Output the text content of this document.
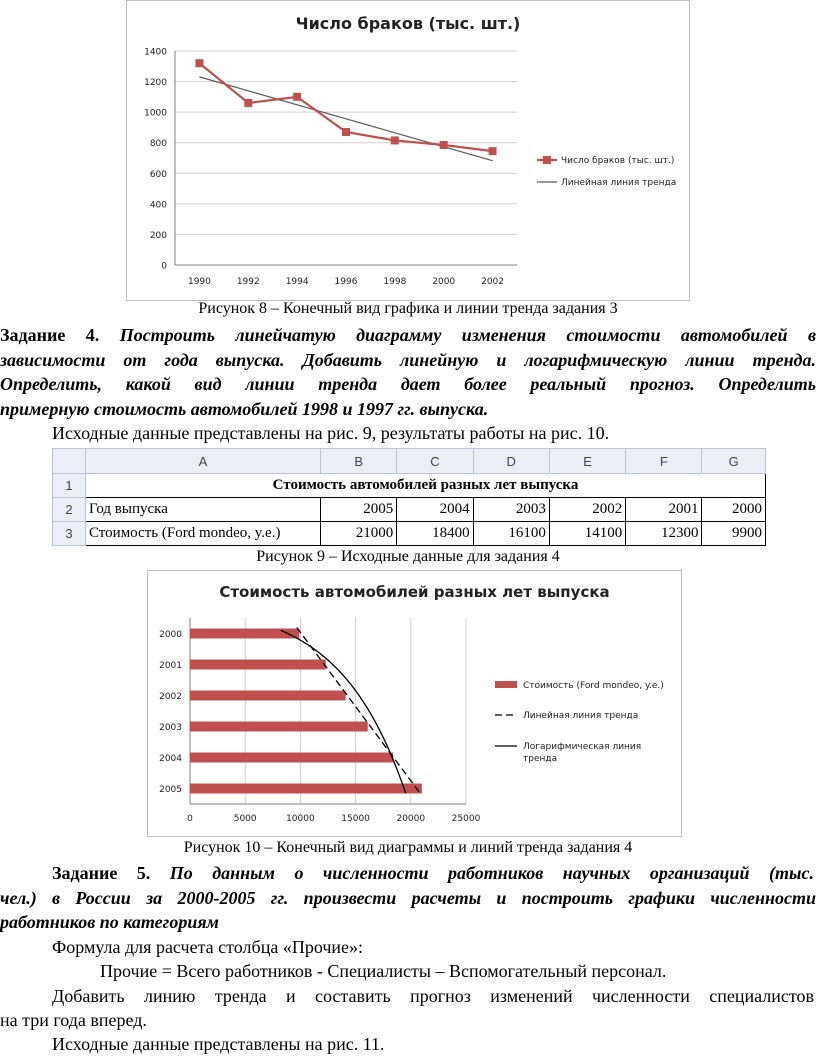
Число браков (тыс. шт.)
0
200
400
600
800
1000
1200
1400
1990	1992	1994	1996	1998	2000	2002
Число браков (тыс. шт.)
Линейная линия тренда
Рисунок 8 – Конечный вид графика и линии тренда задания 3
Задание 4. Построить линейчатую диаграмму изменения стоимости автомобилей в
зависимости от года выпуска. Добавить линейную и логарифмическую линии тренда.
Определить, какой вид линии тренда дает более реальный прогноз. Определить
примерную стоимость автомобилей 1998 и 1997 гг. выпуска.
Исходные данные представлены на рис. 9, результаты работы на рис. 10.
	A	B	C	D	E	F	G
1	Стоимость автомобилей разных лет выпуска						
2	Год выпуска	2005	2004	2003	2002	2001	2000
3	Стоимость (Ford mondeo, y.e.)	21000	18400	16100	14100	12300	9900
Рисунок 9 – Исходные данные для задания 4
Стоимость автомобилей разных лет выпуска
0	5000	10000	15000	20000	25000
2000
2001
2002
2003
2004
2005
Стоимость (Ford mondeo, y.e.)
Линейная линия тренда
Логарифмическая линия тренда
Рисунок 10 – Конечный вид диаграммы и линий тренда задания 4
Задание 5. По данным о численности работников научных организаций (тыс.
чел.) в России за 2000-2005 гг. произвести расчеты и построить графики численности
работников по категориям
Формула для расчета столбца «Прочие»:
Прочие = Всего работников - Специалисты – Вспомогательный персонал.
Добавить линию тренда и составить прогноз изменений численности специалистов
на три года вперед.
Исходные данные представлены на рис. 11.
